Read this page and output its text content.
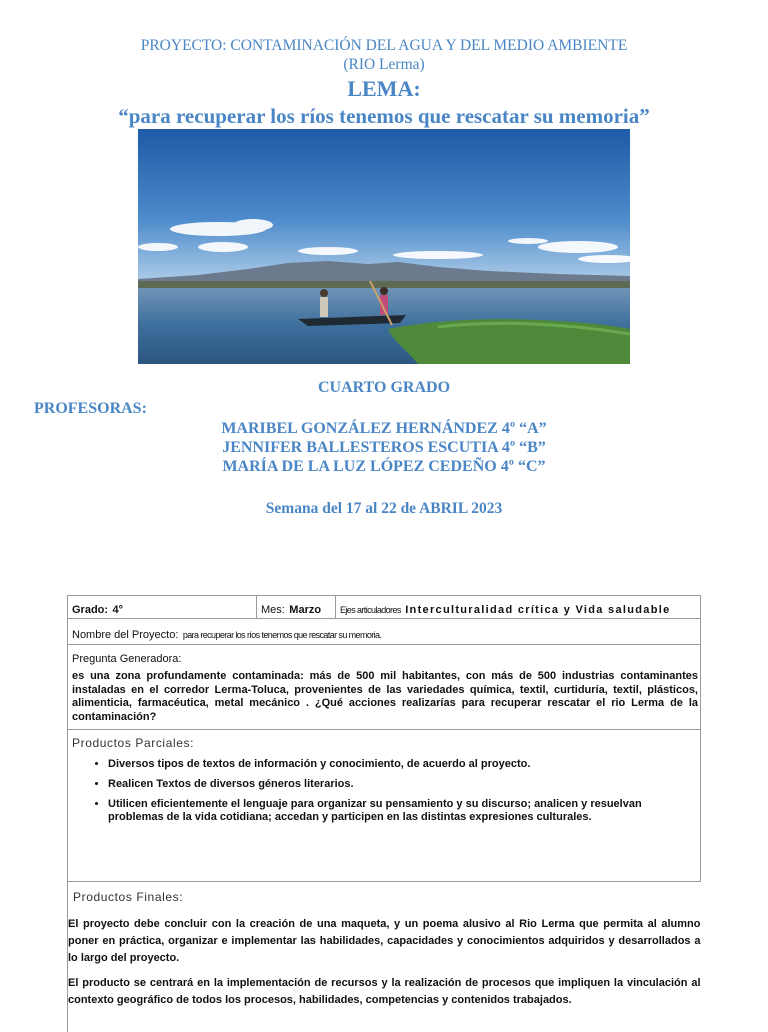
PROYECTO: CONTAMINACIÓN DEL AGUA Y DEL MEDIO AMBIENTE
(RIO Lerma)
LEMA:
“para recuperar los ríos tenemos que rescatar su memoria”
CUARTO GRADO
PROFESORAS:
MARIBEL GONZÁLEZ HERNÁNDEZ 4º “A”
JENNIFER BALLESTEROS ESCUTIA 4º “B”
MARÍA DE LA LUZ LÓPEZ CEDEÑO 4º “C”
Semana del 17 al 22 de ABRIL 2023
Grado: 4°	Mes: Marzo	Ejes articuladores Interculturalidad crítica y Vida saludable
Nombre del Proyecto: para recuperar los ríos tenemos que rescatar su memoria.

Pregunta Generadora:
es una zona profundamente contaminada: más de 500 mil habitantes, con más de 500 industrias contaminantes instaladas en el corredor Lerma-Toluca, provenientes de las variedades química, textil, curtiduría, textil, plásticos, alimenticia, farmacéutica, metal mecánico . ¿Qué acciones realizarías para recuperar rescatar el rio Lerma de la contaminación?

Productos Parciales:
• Diversos tipos de textos de información y conocimiento, de acuerdo al proyecto.
• Realicen Textos de diversos géneros literarios.
• Utilicen eficientemente el lenguaje para organizar su pensamiento y su discurso; analicen y resuelvan problemas de la vida cotidiana; accedan y participen en las distintas expresiones culturales.

Productos Finales:
El proyecto debe concluir con la creación de una maqueta, y un poema alusivo al Rio Lerma que permita al alumno poner en práctica, organizar e implementar las habilidades, capacidades y conocimientos adquiridos y desarrollados a lo largo del proyecto.
El producto se centrará en la implementación de recursos y la realización de procesos que impliquen la vinculación al contexto geográfico de todos los procesos, habilidades, competencias y contenidos trabajados.
